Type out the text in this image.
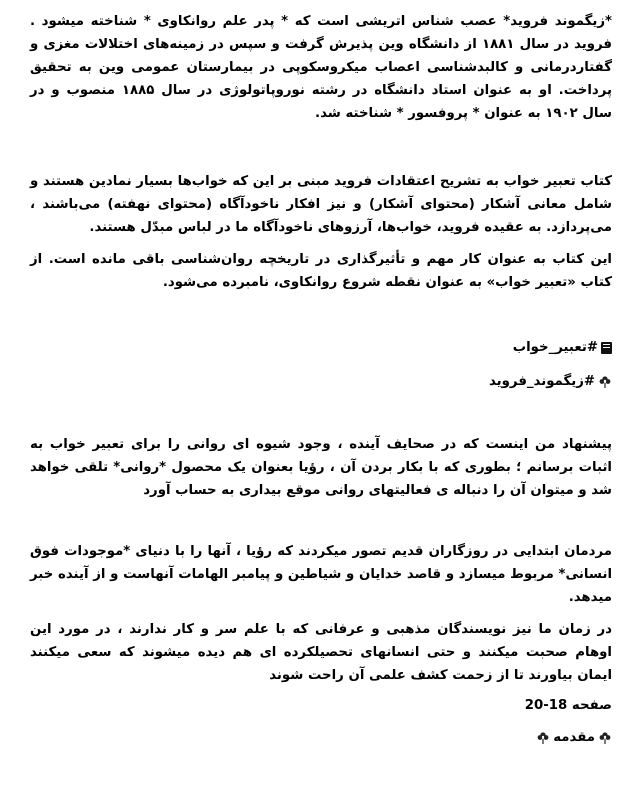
*زیگموند فروید* عصب شناس اتریشی است که * پدر علم روانکاوی * شناخته میشود . فروید در سال ۱۸۸۱ از دانشگاه وین پذیرش گرفت و سپس در زمینه‌های اختلالات مغزی و گفتاردرمانی و کالبدشناسی اعصاب میکروسکوپی در بیمارستان عمومی وین به تحقیق پرداخت. او به عنوان استاد دانشگاه در رشته نوروپاتولوژی در سال ۱۸۸۵ منصوب و در سال ۱۹۰۲ به عنوان * پروفسور * شناخته شد.

کتاب تعبیر خواب به تشریح اعتقادات فروید مبنی بر این که خواب‌ها بسیار نمادین هستند و شامل معانی آشکار (محتوای آشکار) و نیز افکار ناخودآگاه (محتوای نهفته) می‌باشند ، می‌پردازد. به عقیده فروید، خواب‌ها، آرزوهای ناخودآگاه ما در لباس مبدّل هستند.

این کتاب به عنوان کار مهم و تأثیرگذاری در تاریخچه روان‌شناسی باقی مانده است. از کتاب «تعبیر خواب» به عنوان نقطه شروع روانکاوی، نامبرده می‌شود.

#تعبیر_خواب
#زیگموند_فروید

پیشنهاد من اینست که در صحایف آینده ، وجود شیوه ای روانی را برای تعبیر خواب به اثبات برسانم ؛ بطوری که با بکار بردن آن ، رؤیا بعنوان یک محصول *روانی* تلقی خواهد شد و میتوان آن را دنباله ی فعالیتهای روانی موقع بیداری به حساب آورد

مردمان ابتدایی در روزگاران قدیم تصور میکردند که رؤیا ، آنها را با دنیای *موجودات فوق انسانی* مربوط میسازد و قاصد خدایان و شیاطین و پیامبر الهامات آنهاست و از آینده خبر میدهد.

در زمان ما نیز نویسندگان مذهبی و عرفانی که با علم سر و کار ندارند ، در مورد این اوهام صحبت میکنند و حتی انسانهای تحصیلکرده ای هم دیده میشوند که سعی میکنند ایمان بیاورند تا از زحمت کشف علمی آن راحت شوند

صفحه 18-20

مقدمه
